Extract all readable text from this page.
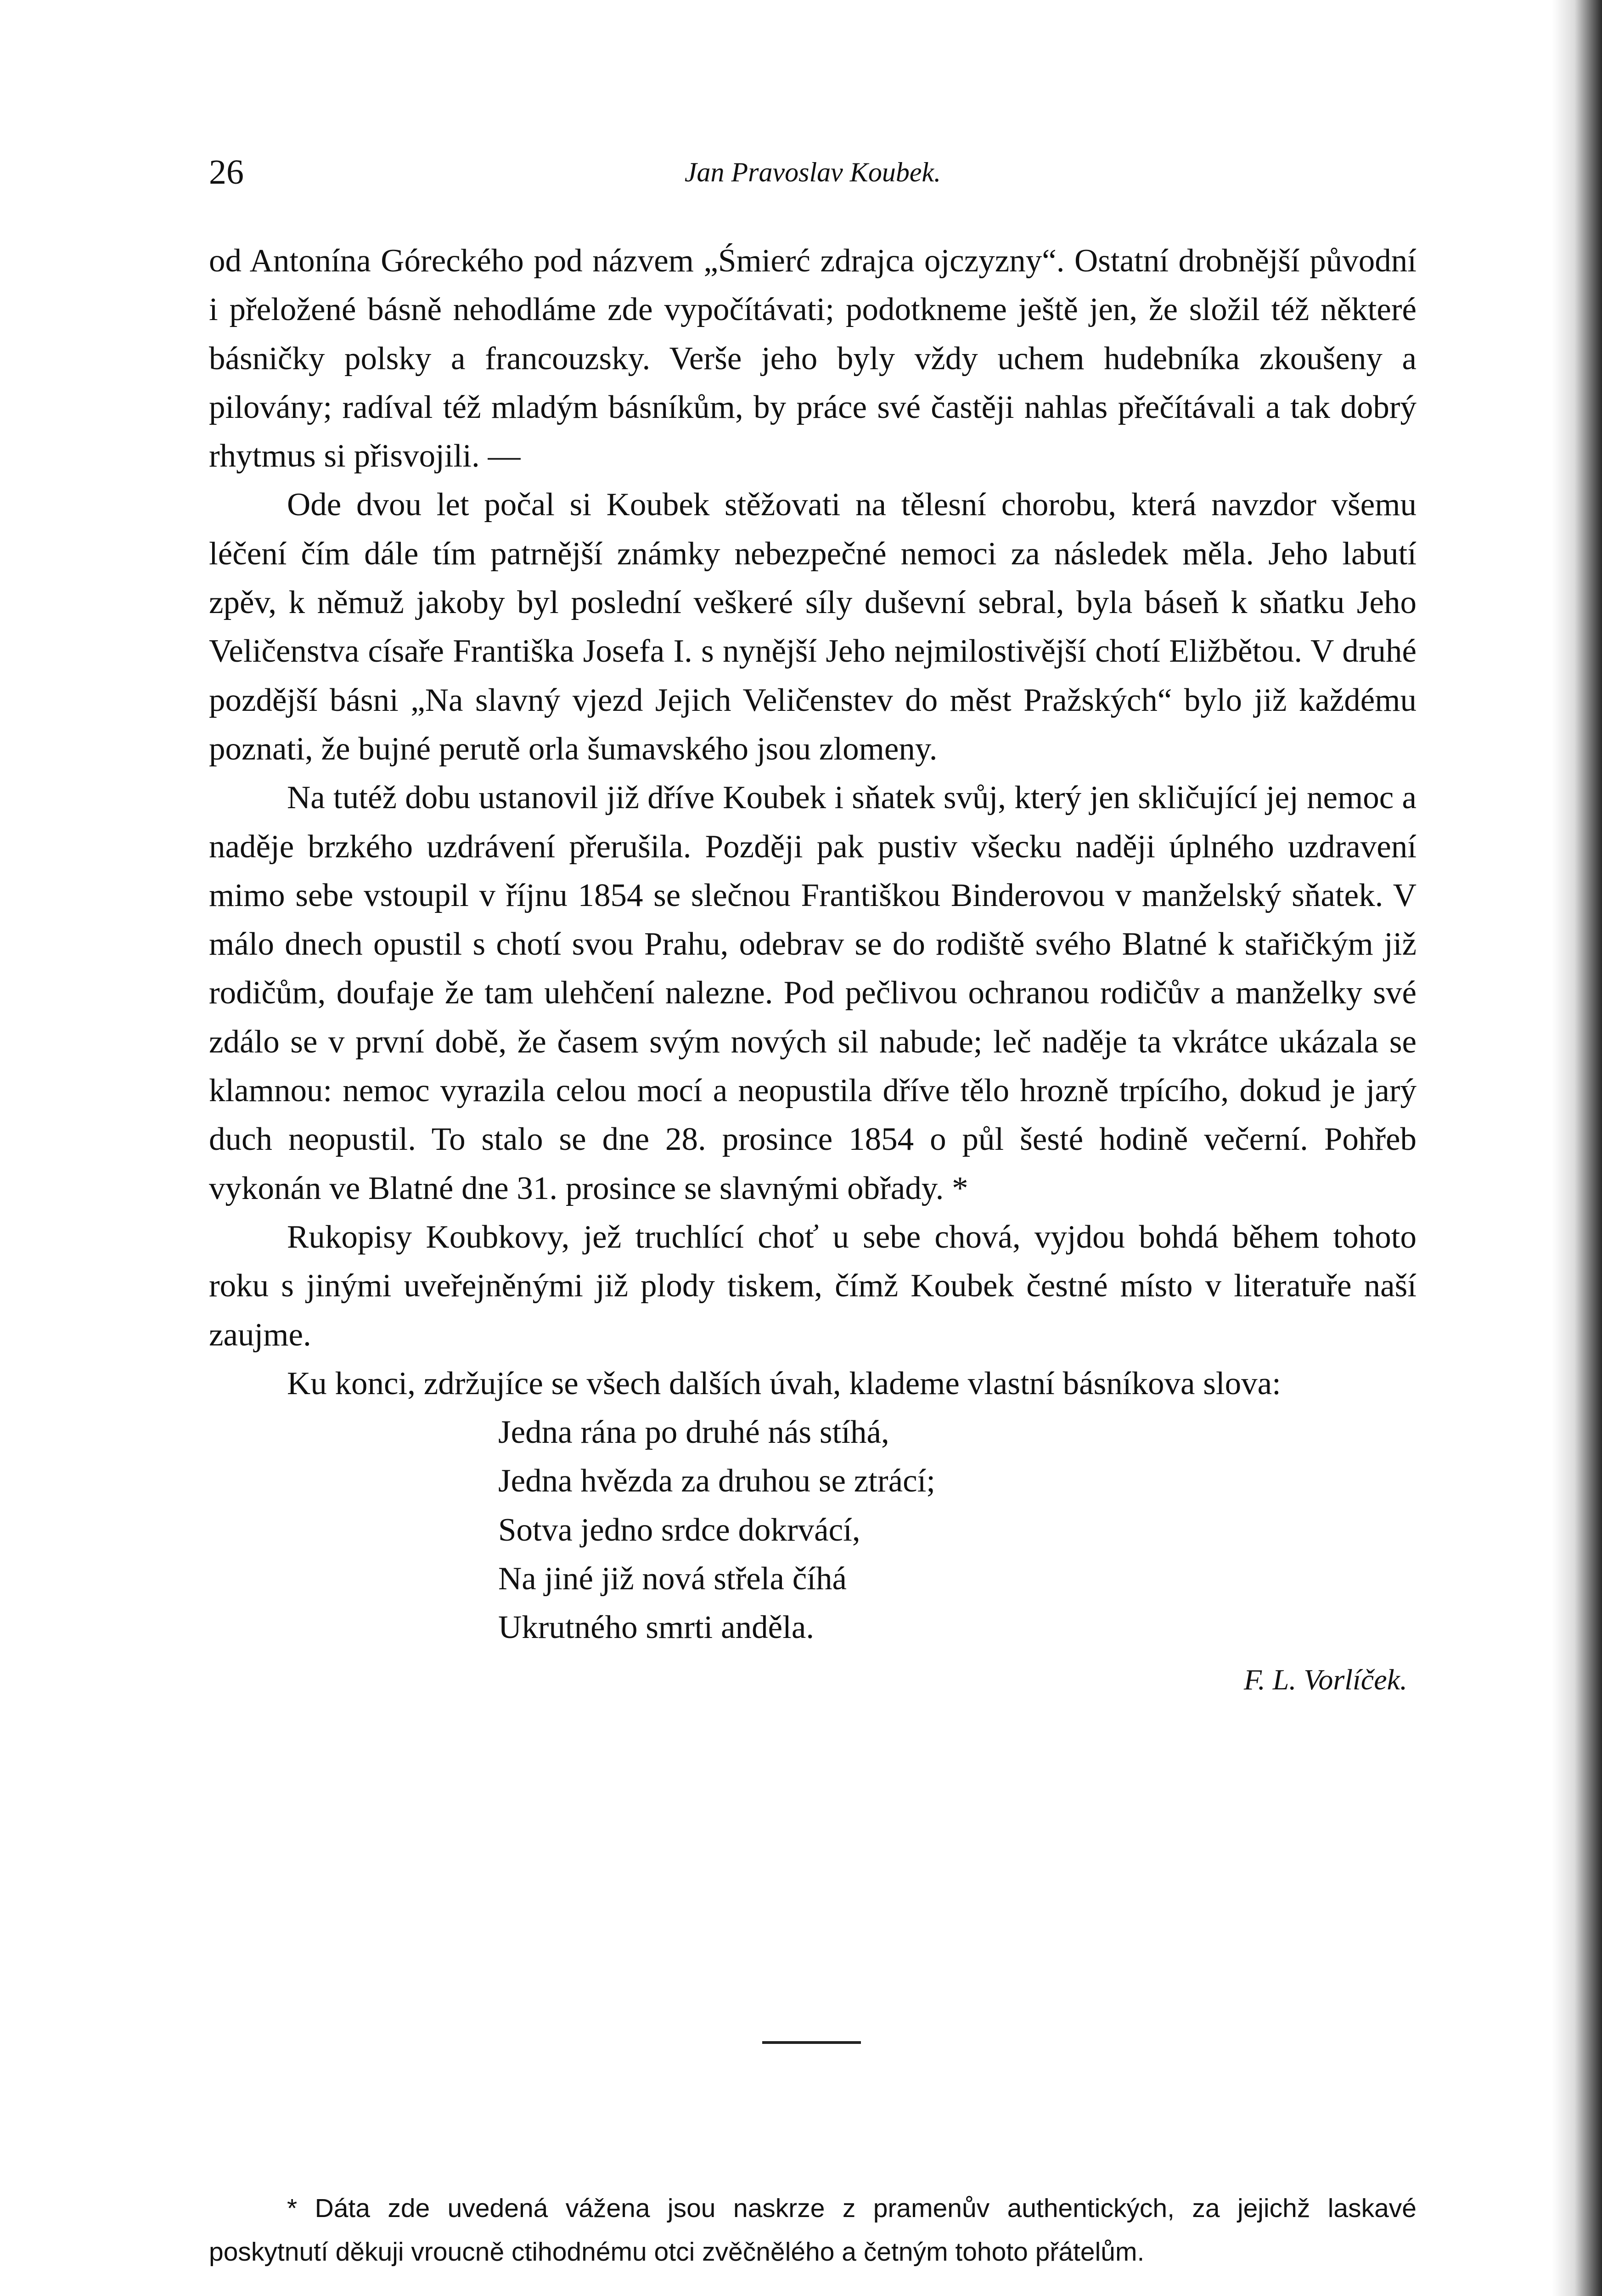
26	Jan Pravoslav Koubek.

od Antonína Góreckého pod názvem „Śmierć zdrajca ojczyzny“. Ostatní drobnější původní i přeložené básně nehodláme zde vypočítávati; podotkneme ještě jen, že složil též některé básničky polsky a francouzsky. Verše jeho byly vždy uchem hudebníka zkoušeny a pilovány; radíval též mladým básníkům, by práce své častěji nahlas přečítávali a tak dobrý rhytmus si přisvojili. —

Ode dvou let počal si Koubek stěžovati na tělesní chorobu, která navzdor všemu léčení čím dále tím patrnější známky nebezpečné nemoci za následek měla. Jeho labutí zpěv, k němuž jakoby byl poslední veškeré síly duševní sebral, byla báseň k sňatku Jeho Veličenstva císaře Františka Josefa I. s nynější Jeho nejmilostivější chotí Eližbětou. V druhé pozdější básni „Na slavný vjezd Jejich Veličenstev do měst Pražských“ bylo již každému poznati, že bujné perutě orla šumavského jsou zlomeny.

Na tutéž dobu ustanovil již dříve Koubek i sňatek svůj, který jen skličující jej nemoc a naděje brzkého uzdrávení přerušila. Později pak pustiv všecku naději úplného uzdravení mimo sebe vstoupil v říjnu 1854 se slečnou Františkou Binderovou v manželský sňatek. V málo dnech opustil s chotí svou Prahu, odebrav se do rodiště svého Blatné k stařičkým již rodičům, doufaje že tam ulehčení nalezne. Pod pečlivou ochranou rodičův a manželky své zdálo se v první době, že časem svým nových sil nabude; leč naděje ta vkrátce ukázala se klamnou: nemoc vyrazila celou mocí a neopustila dříve tělo hrozně trpícího, dokud je jarý duch neopustil. To stalo se dne 28. prosince 1854 o půl šesté hodině večerní. Pohřeb vykonán ve Blatné dne 31. prosince se slavnými obřady. *

Rukopisy Koubkovy, jež truchlící choť u sebe chová, vyjdou bohdá během tohoto roku s jinými uveřejněnými již plody tiskem, čímž Koubek čestné místo v literatuře naší zaujme.

Ku konci, zdržujíce se všech dalších úvah, klademe vlastní básníkova slova:

Jedna rána po druhé nás stíhá,
Jedna hvězda za druhou se ztrácí;
Sotva jedno srdce dokrvácí,
Na jiné již nová střela číhá
Ukrutného smrti anděla.
F. L. Vorlíček.

* Dáta zde uvedená vážena jsou naskrze z pramenův authentických, za jejichž laskavé poskytnutí děkuji vroucně ctihodnému otci zvěčnělého a četným tohoto přátelům.
